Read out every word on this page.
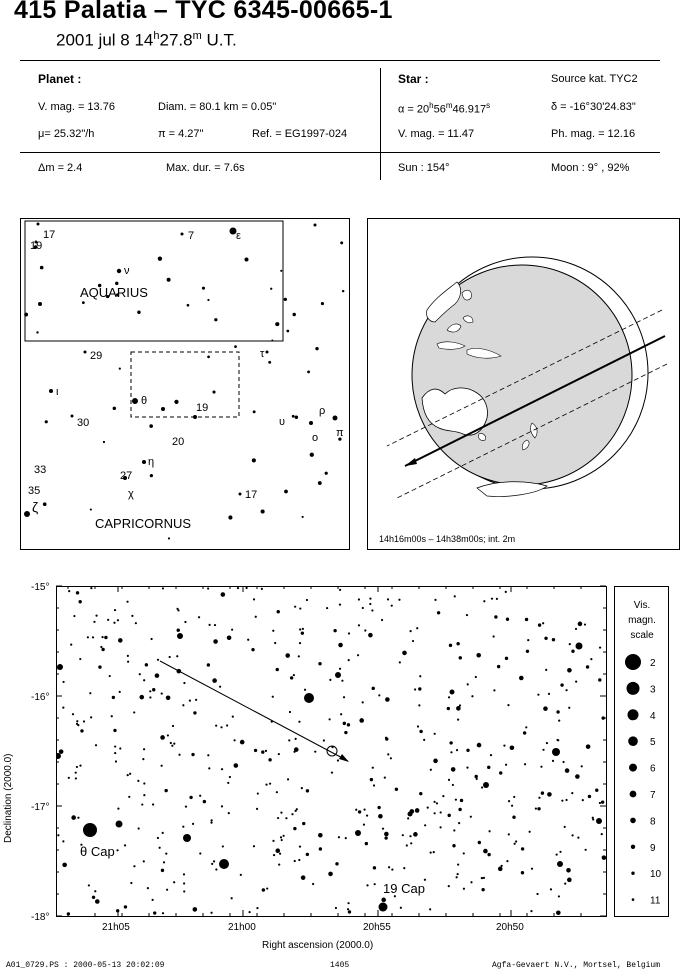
415 Palatia – TYC 6345-00665-1
2001 jul 8 14$^h$27.8$^m$ U.T.
Planet :
V. mag. = 13.76	Diam. = 80.1 km = 0.05"
μ= 25.32"/h	π = 4.27"	Ref. = EG1997-024
Δm = 2.4	Max. dur. = 7.6s
Star :	Source kat. TYC2
$\alpha = 20^h56^m46.917^s$	δ = -16°30'24.83"
V. mag. = 11.47	Ph. mag. = 12.16
Sun : 154°	Moon : 9° , 92%
17
19
7	ε
ν
29	τ
ι
θ
19
30	υ
ρ
ο π
20
η
33	27
35	χ	17
ζ
AQUARIUS
CAPRICORNUS
14h16m00s – 14h38m00s; int. 2m
-15°
-16°
-17°
-18°
21h05	21h00	20h55	20h50
Right ascension (2000.0)
Declination (2000.0)
θ Cap
19 Cap
Vis.
magn.
scale
2
3
4
5
6
7
8
9
10
11
A01_0729.PS : 2000-05-13 20:02:09	1405	Agfa-Gevaert N.V., Mortsel, Belgium
